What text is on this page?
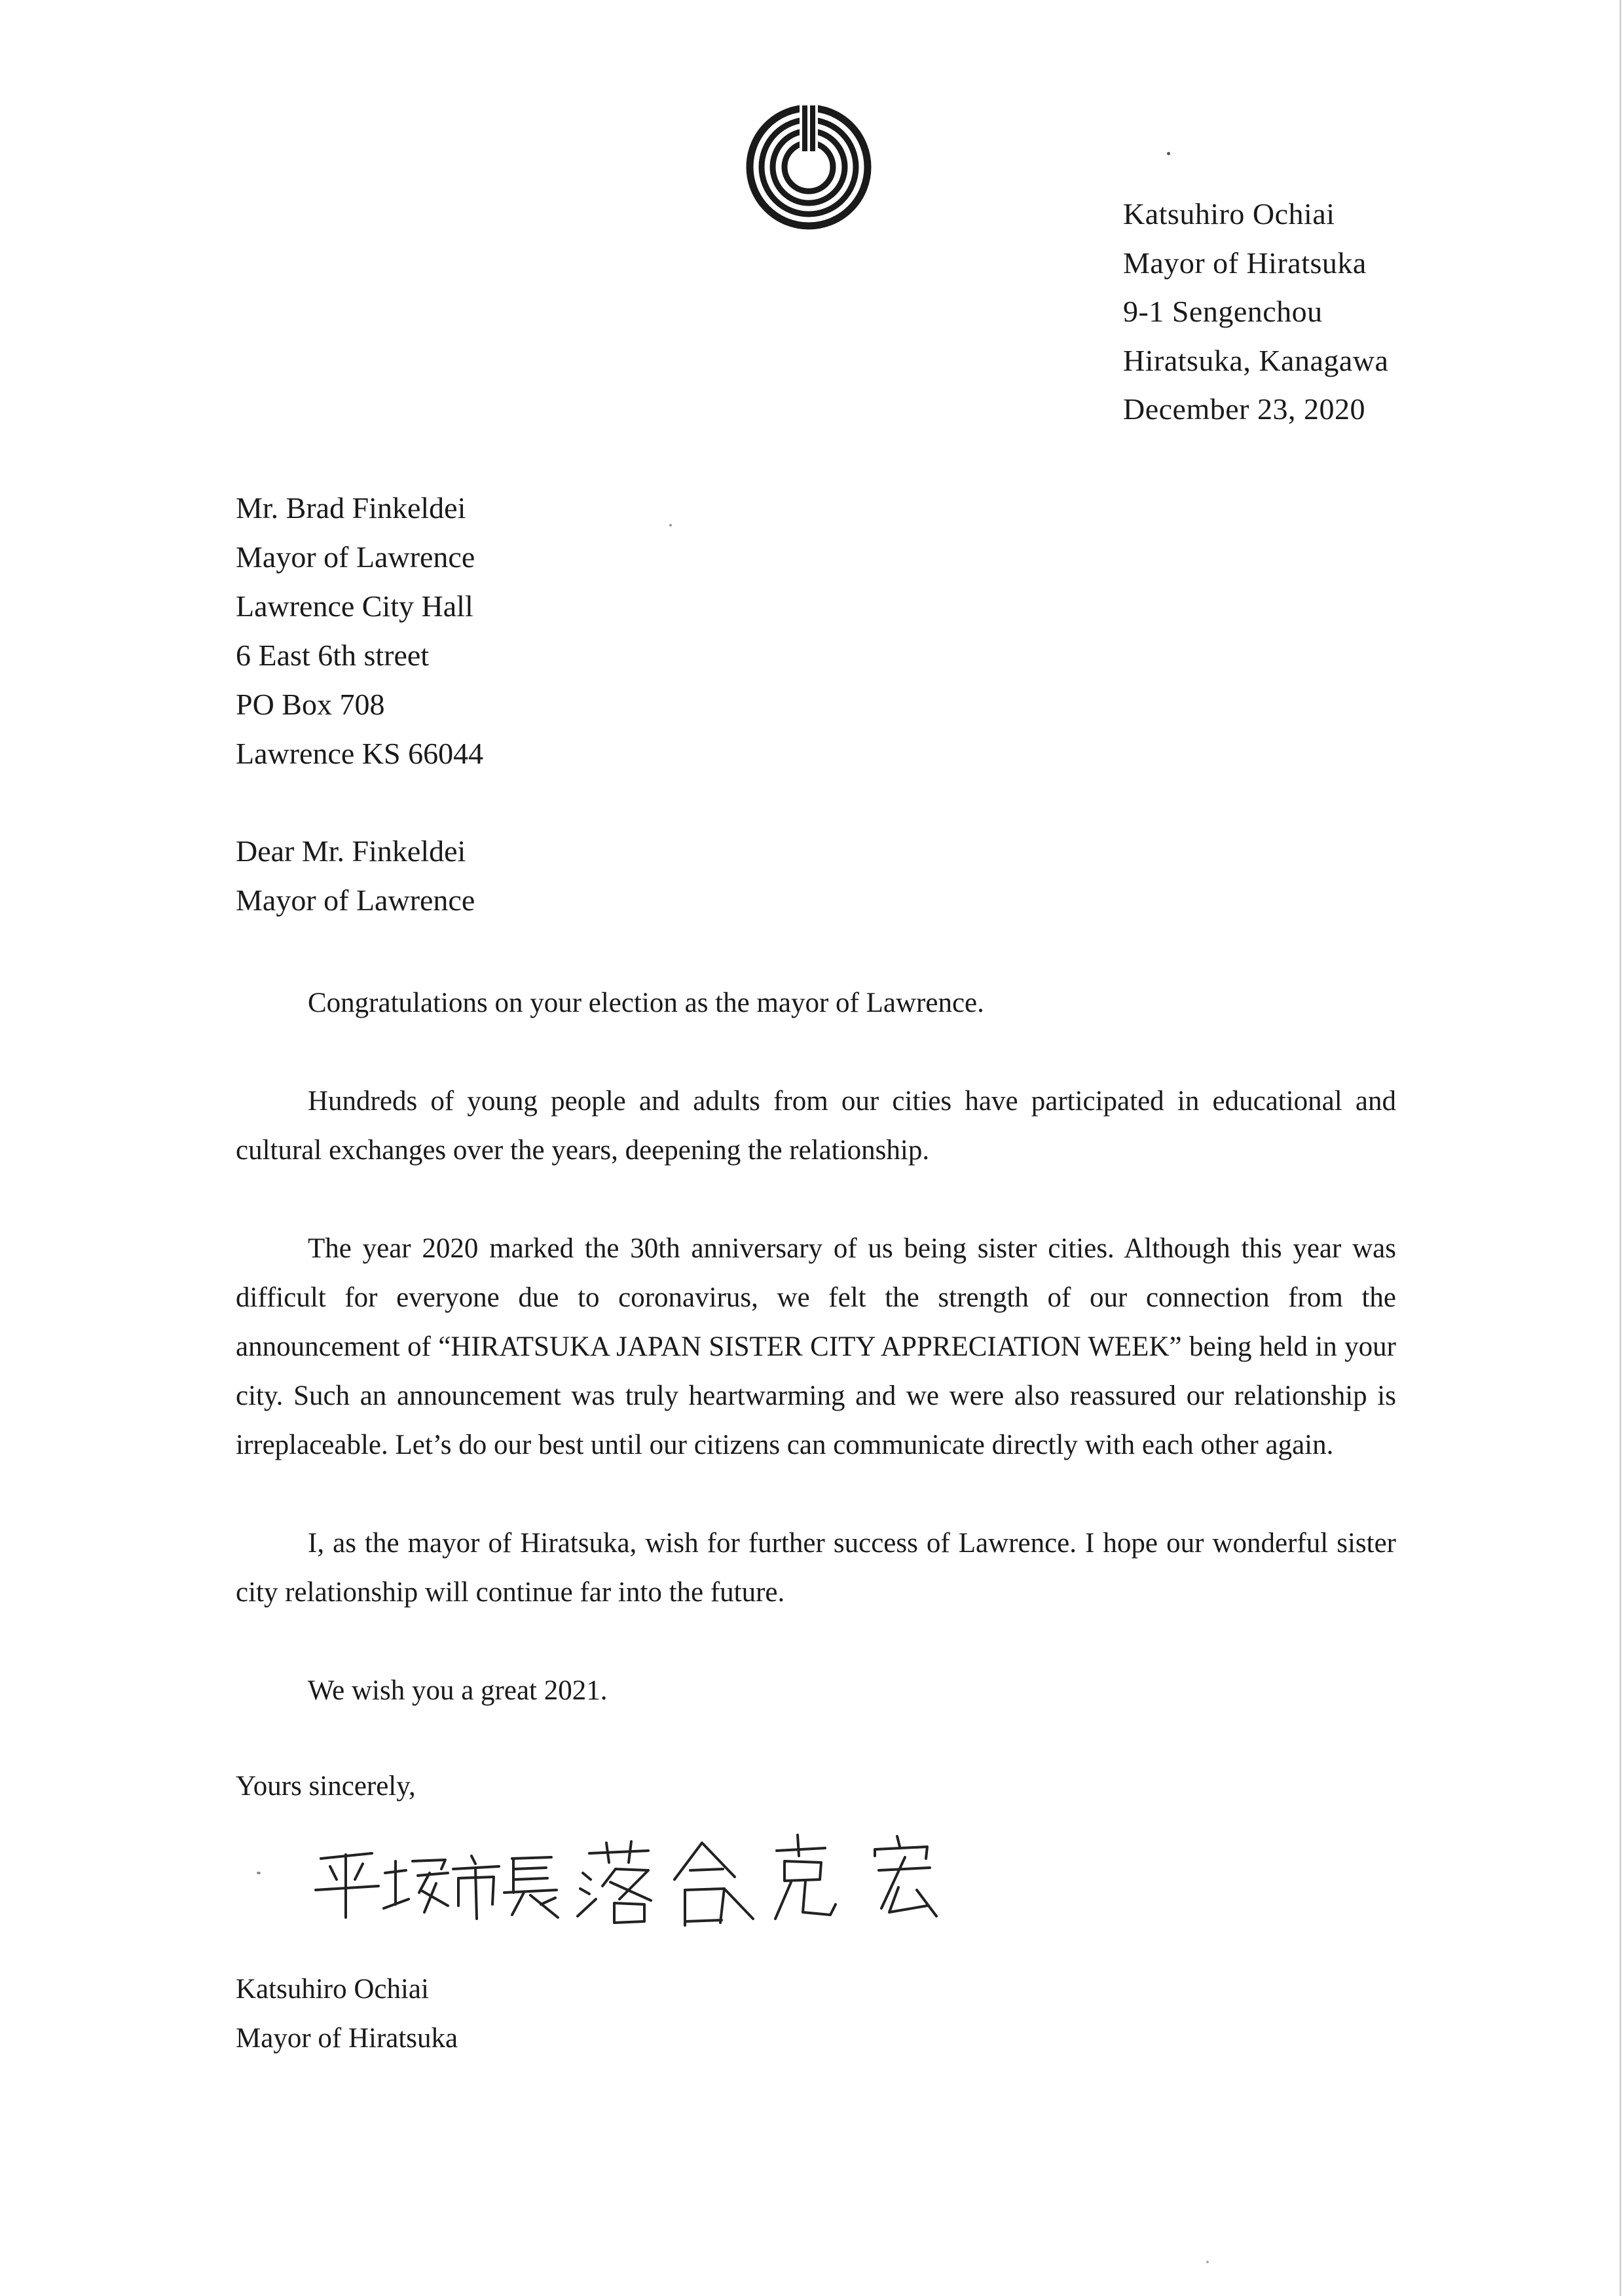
Katsuhiro Ochiai
Mayor of Hiratsuka
9-1 Sengenchou
Hiratsuka, Kanagawa
December 23, 2020
Mr. Brad Finkeldei
Mayor of Lawrence
Lawrence City Hall
6 East 6th street
PO Box 708
Lawrence KS 66044
Dear Mr. Finkeldei
Mayor of Lawrence

Congratulations on your election as the mayor of Lawrence.

Hundreds of young people and adults from our cities have participated in educational and cultural exchanges over the years, deepening the relationship.

The year 2020 marked the 30th anniversary of us being sister cities. Although this year was difficult for everyone due to coronavirus, we felt the strength of our connection from the announcement of “HIRATSUKA JAPAN SISTER CITY APPRECIATION WEEK” being held in your city. Such an announcement was truly heartwarming and we were also reassured our relationship is irreplaceable. Let’s do our best until our citizens can communicate directly with each other again.

I, as the mayor of Hiratsuka, wish for further success of Lawrence. I hope our wonderful sister city relationship will continue far into the future.

We wish you a great 2021.

Yours sincerely,
Katsuhiro Ochiai
Mayor of Hiratsuka
